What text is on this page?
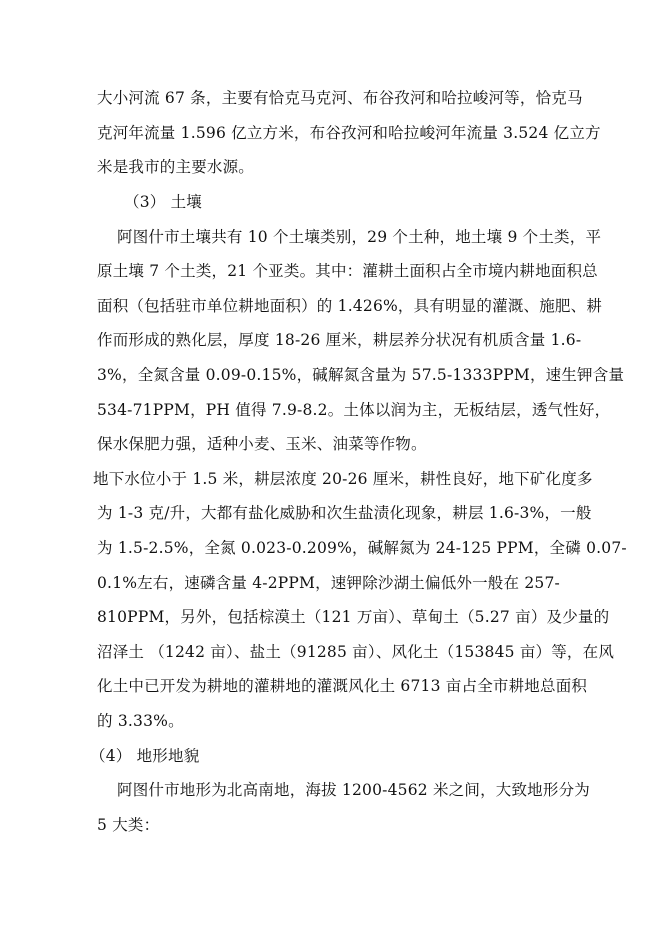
大小河流 67 条，主要有恰克马克河、布谷孜河和哈拉峻河等，恰克马
克河年流量 1.596 亿立方米，布谷孜河和哈拉峻河年流量 3.524 亿立方
米是我市的主要水源。
（3） 土壤
阿图什市土壤共有 10 个土壤类别，29 个土种，地土壤 9 个土类，平
原土壤 7 个土类，21 个亚类。其中：灌耕土面积占全市境内耕地面积总
面积（包括驻市单位耕地面积）的 1.426%，具有明显的灌溉、施肥、耕
作而形成的熟化层，厚度 18-26 厘米，耕层养分状况有机质含量 1.6-
3%，全氮含量 0.09-0.15%，碱解氮含量为 57.5-1333PPM，速生钾含量
534-71PPM，PH 值得 7.9-8.2。土体以润为主，无板结层，透气性好，
保水保肥力强，适种小麦、玉米、油菜等作物。
地下水位小于 1.5 米，耕层浓度 20-26 厘米，耕性良好，地下矿化度多
为 1-3 克/升，大都有盐化威胁和次生盐渍化现象，耕层 1.6-3%，一般
为 1.5-2.5%，全氮 0.023-0.209%，碱解氮为 24-125 PPM，全磷 0.07-
0.1%左右，速磷含量 4-2PPM，速钾除沙湖土偏低外一般在 257-
810PPM，另外，包括棕漠土（121 万亩）、草甸土（5.27 亩）及少量的
沼泽土 （1242 亩）、盐土（91285 亩）、风化土（153845 亩）等，在风
化土中已开发为耕地的灌耕地的灌溉风化土 6713 亩占全市耕地总面积
的 3.33%。
（4） 地形地貌
阿图什市地形为北高南地，海拔 1200-4562 米之间，大致地形分为
5 大类：
